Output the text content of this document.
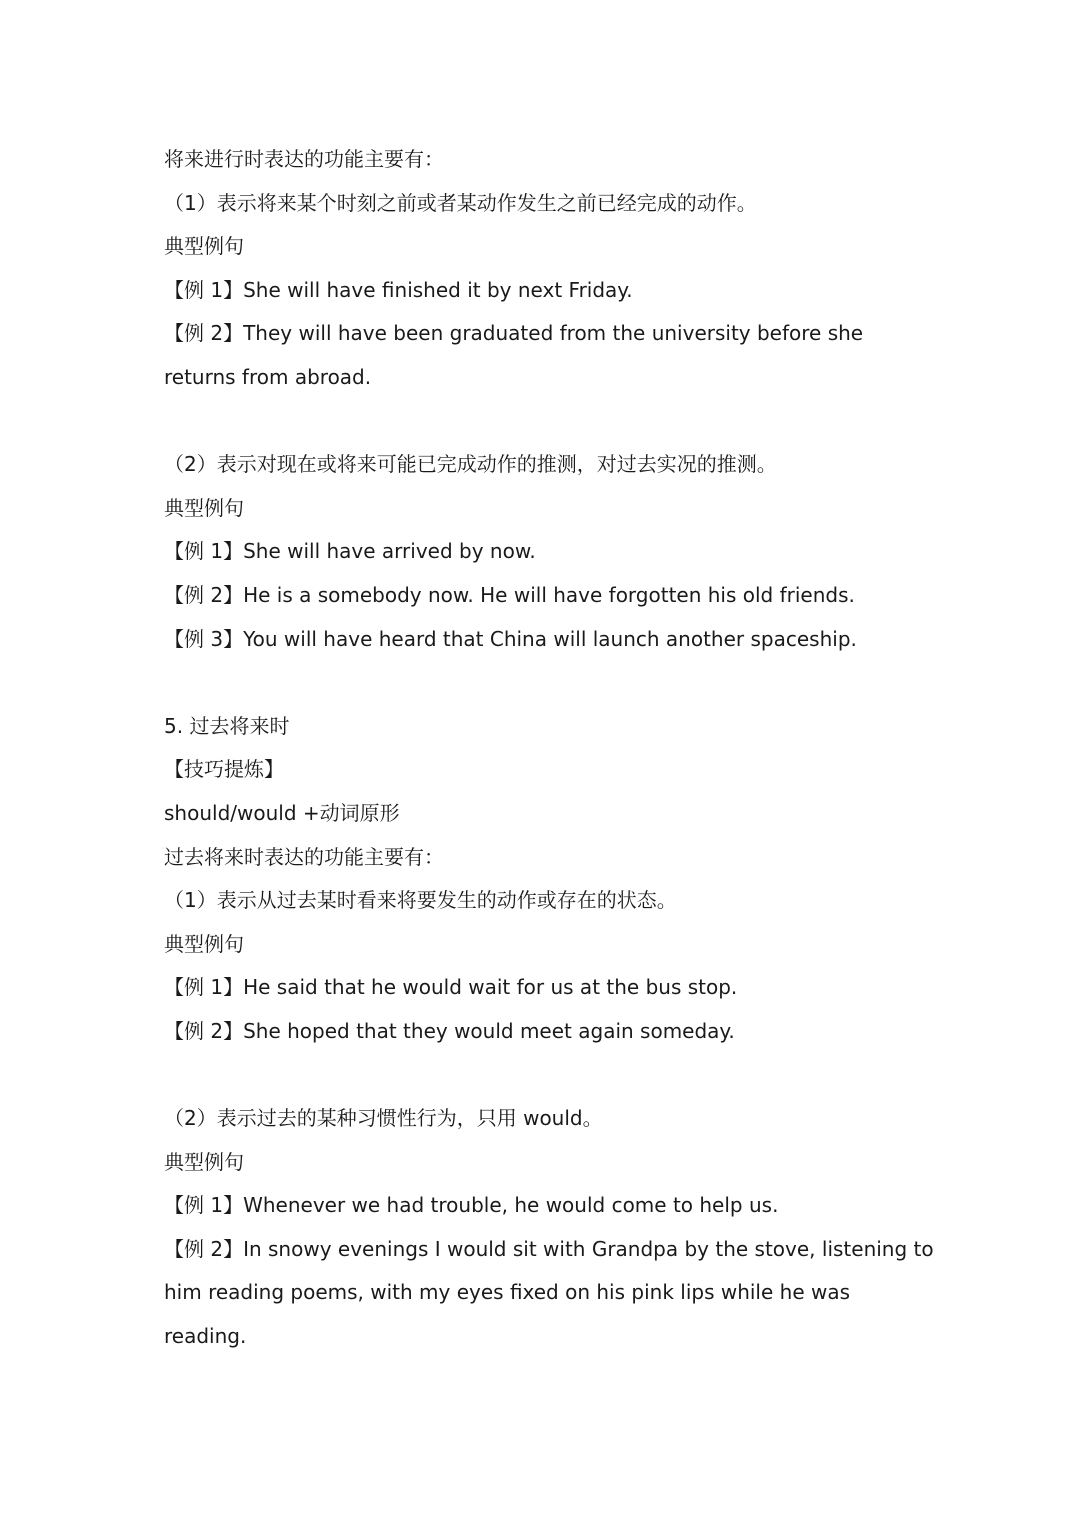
将来进行时表达的功能主要有：
（1）表示将来某个时刻之前或者某动作发生之前已经完成的动作。
典型例句
【例 1】She will have finished it by next Friday.
【例 2】They will have been graduated from the university before she returns from abroad.
（2）表示对现在或将来可能已完成动作的推测，对过去实况的推测。
典型例句
【例 1】She will have arrived by now.
【例 2】He is a somebody now. He will have forgotten his old friends.
【例 3】You will have heard that China will launch another spaceship.
5. 过去将来时
【技巧提炼】
should/would +动词原形
过去将来时表达的功能主要有：
（1）表示从过去某时看来将要发生的动作或存在的状态。
典型例句
【例 1】He said that he would wait for us at the bus stop.
【例 2】She hoped that they would meet again someday.
（2）表示过去的某种习惯性行为，只用 would。
典型例句
【例 1】Whenever we had trouble, he would come to help us.
【例 2】In snowy evenings I would sit with Grandpa by the stove, listening to him reading poems, with my eyes fixed on his pink lips while he was reading.
